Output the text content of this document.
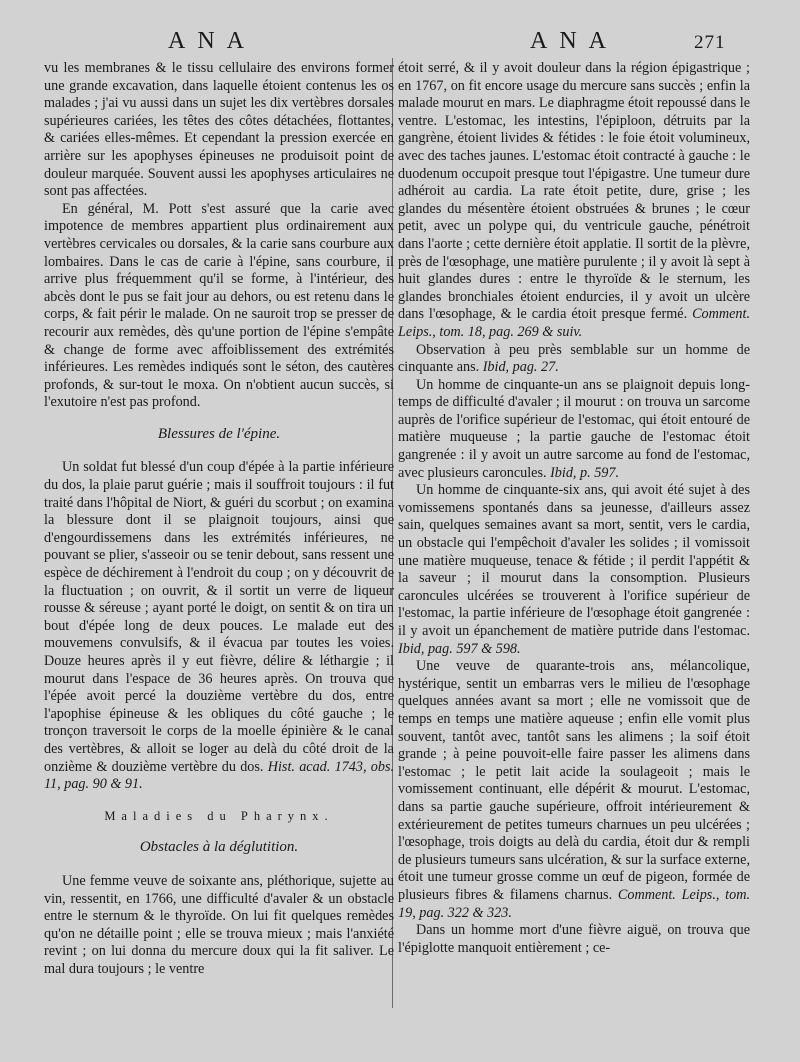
ANA	ANA	271

vu les membranes & le tissu cellulaire des environs former une grande excavation, dans laquelle étoient contenus les os malades ; j'ai vu aussi dans un sujet les dix vertèbres dorsales supérieures cariées, les têtes des côtes détachées, flottantes, & cariées elles-mêmes. Et cependant la pression exercée en arrière sur les apophyses épineuses ne produisoit point de douleur marquée. Souvent aussi les apophyses articulaires ne sont pas affectées.

En général, M. Pott s'est assuré que la carie avec impotence de membres appartient plus ordinairement aux vertèbres cervicales ou dorsales, & la carie sans courbure aux lombaires. Dans le cas de carie à l'épine, sans courbure, il arrive plus fréquemment qu'il se forme, à l'intérieur, des abcès dont le pus se fait jour au dehors, ou est retenu dans le corps, & fait périr le malade. On ne sauroit trop se presser de recourir aux remèdes, dès qu'une portion de l'épine s'empâte & change de forme avec affoiblissement des extrémités inférieures. Les remèdes indiqués sont le séton, des cautères profonds, & sur-tout le moxa. On n'obtient aucun succès, si l'exutoire n'est pas profond.

Blessures de l'épine.

Un soldat fut blessé d'un coup d'épée à la partie inférieure du dos, la plaie parut guérie ; mais il souffroit toujours : il fut traité dans l'hôpital de Niort, & guéri du scorbut ; on examina la blessure dont il se plaignoit toujours, ainsi que d'engourdissemens dans les extrémités inférieures, ne pouvant se plier, s'asseoir ou se tenir debout, sans ressent une espèce de déchirement à l'endroit du coup ; on y découvrit de la fluctuation ; on ouvrit, & il sortit un verre de liqueur rousse & séreuse ; ayant porté le doigt, on sentit & on tira un bout d'épée long de deux pouces. Le malade eut des mouvemens convulsifs, & il évacua par toutes les voies. Douze heures après il y eut fièvre, délire & léthargie ; il mourut dans l'espace de 36 heures après. On trouva que l'épée avoit percé la douzième vertèbre du dos, entre l'apophise épineuse & les obliques du côté gauche ; le tronçon traversoit le corps de la moelle épinière & le canal des vertèbres, & alloit se loger au delà du côté droit de la onzième & douzième vertèbre du dos. Hist. acad. 1743, obs. 11, pag. 90 & 91.

Maladies du Pharynx.
Obstacles à la déglutition.

Une femme veuve de soixante ans, pléthorique, sujette au vin, ressentit, en 1766, une difficulté d'avaler & un obstacle entre le sternum & le thyroïde. On lui fit quelques remèdes qu'on ne détaille point ; elle se trouva mieux ; mais l'anxiété revint ; on lui donna du mercure doux qui la fit saliver. Le mal dura toujours ; le ventre

étoit serré, & il y avoit douleur dans la région épigastrique ; en 1767, on fit encore usage du mercure sans succès ; enfin la malade mourut en mars. Le diaphragme étoit repoussé dans le ventre. L'estomac, les intestins, l'épiploon, détruits par la gangrène, étoient livides & fétides : le foie étoit volumineux, avec des taches jaunes. L'estomac étoit contracté à gauche : le duodenum occupoit presque tout l'épigastre. Une tumeur dure adhéroit au cardia. La rate étoit petite, dure, grise ; les glandes du mésentère étoient obstruées & brunes ; le cœur petit, avec un polype qui, du ventricule gauche, pénétroit dans l'aorte ; cette dernière étoit applatie. Il sortit de la plèvre, près de l'œsophage, une matière purulente ; il y avoit là sept à huit glandes dures : entre le thyroïde & le sternum, les glandes bronchiales étoient endurcies, il y avoit un ulcère dans l'œsophage, & le cardia étoit presque fermé. Comment. Leips., tom. 18, pag. 269 & suiv.

Observation à peu près semblable sur un homme de cinquante ans. Ibid, pag. 27.

Un homme de cinquante-un ans se plaignoit depuis long-temps de difficulté d'avaler ; il mourut : on trouva un sarcome auprès de l'orifice supérieur de l'estomac, qui étoit entouré de matière muqueuse ; la partie gauche de l'estomac étoit gangrenée : il y avoit un autre sarcome au fond de l'estomac, avec plusieurs caroncules. Ibid, p. 597.

Un homme de cinquante-six ans, qui avoit été sujet à des vomissemens spontanés dans sa jeunesse, d'ailleurs assez sain, quelques semaines avant sa mort, sentit, vers le cardia, un obstacle qui l'empêchoit d'avaler les solides ; il vomissoit une matière muqueuse, tenace & fétide ; il perdit l'appétit & la saveur ; il mourut dans la consomption. Plusieurs caroncules ulcérées se trouverent à l'orifice supérieur de l'estomac, la partie inférieure de l'œsophage étoit gangrenée : il y avoit un épanchement de matière putride dans l'estomac. Ibid, pag. 597 & 598.

Une veuve de quarante-trois ans, mélancolique, hystérique, sentit un embarras vers le milieu de l'œsophage quelques années avant sa mort ; elle ne vomissoit que de temps en temps une matière aqueuse ; enfin elle vomit plus souvent, tantôt avec, tantôt sans les alimens ; la soif étoit grande ; à peine pouvoit-elle faire passer les alimens dans l'estomac ; le petit lait acide la soulageoit ; mais le vomissement continuant, elle dépérit & mourut. L'estomac, dans sa partie gauche supérieure, offroit intérieurement & extérieurement de petites tumeurs charnues un peu ulcérées ; l'œsophage, trois doigts au delà du cardia, étoit dur & rempli de plusieurs tumeurs sans ulcération, & sur la surface externe, étoit une tumeur grosse comme un œuf de pigeon, formée de plusieurs fibres & filamens charnus. Comment. Leips., tom. 19, pag. 322 & 323.

Dans un homme mort d'une fièvre aiguë, on trouva que l'épiglotte manquoit entièrement ; ce-
